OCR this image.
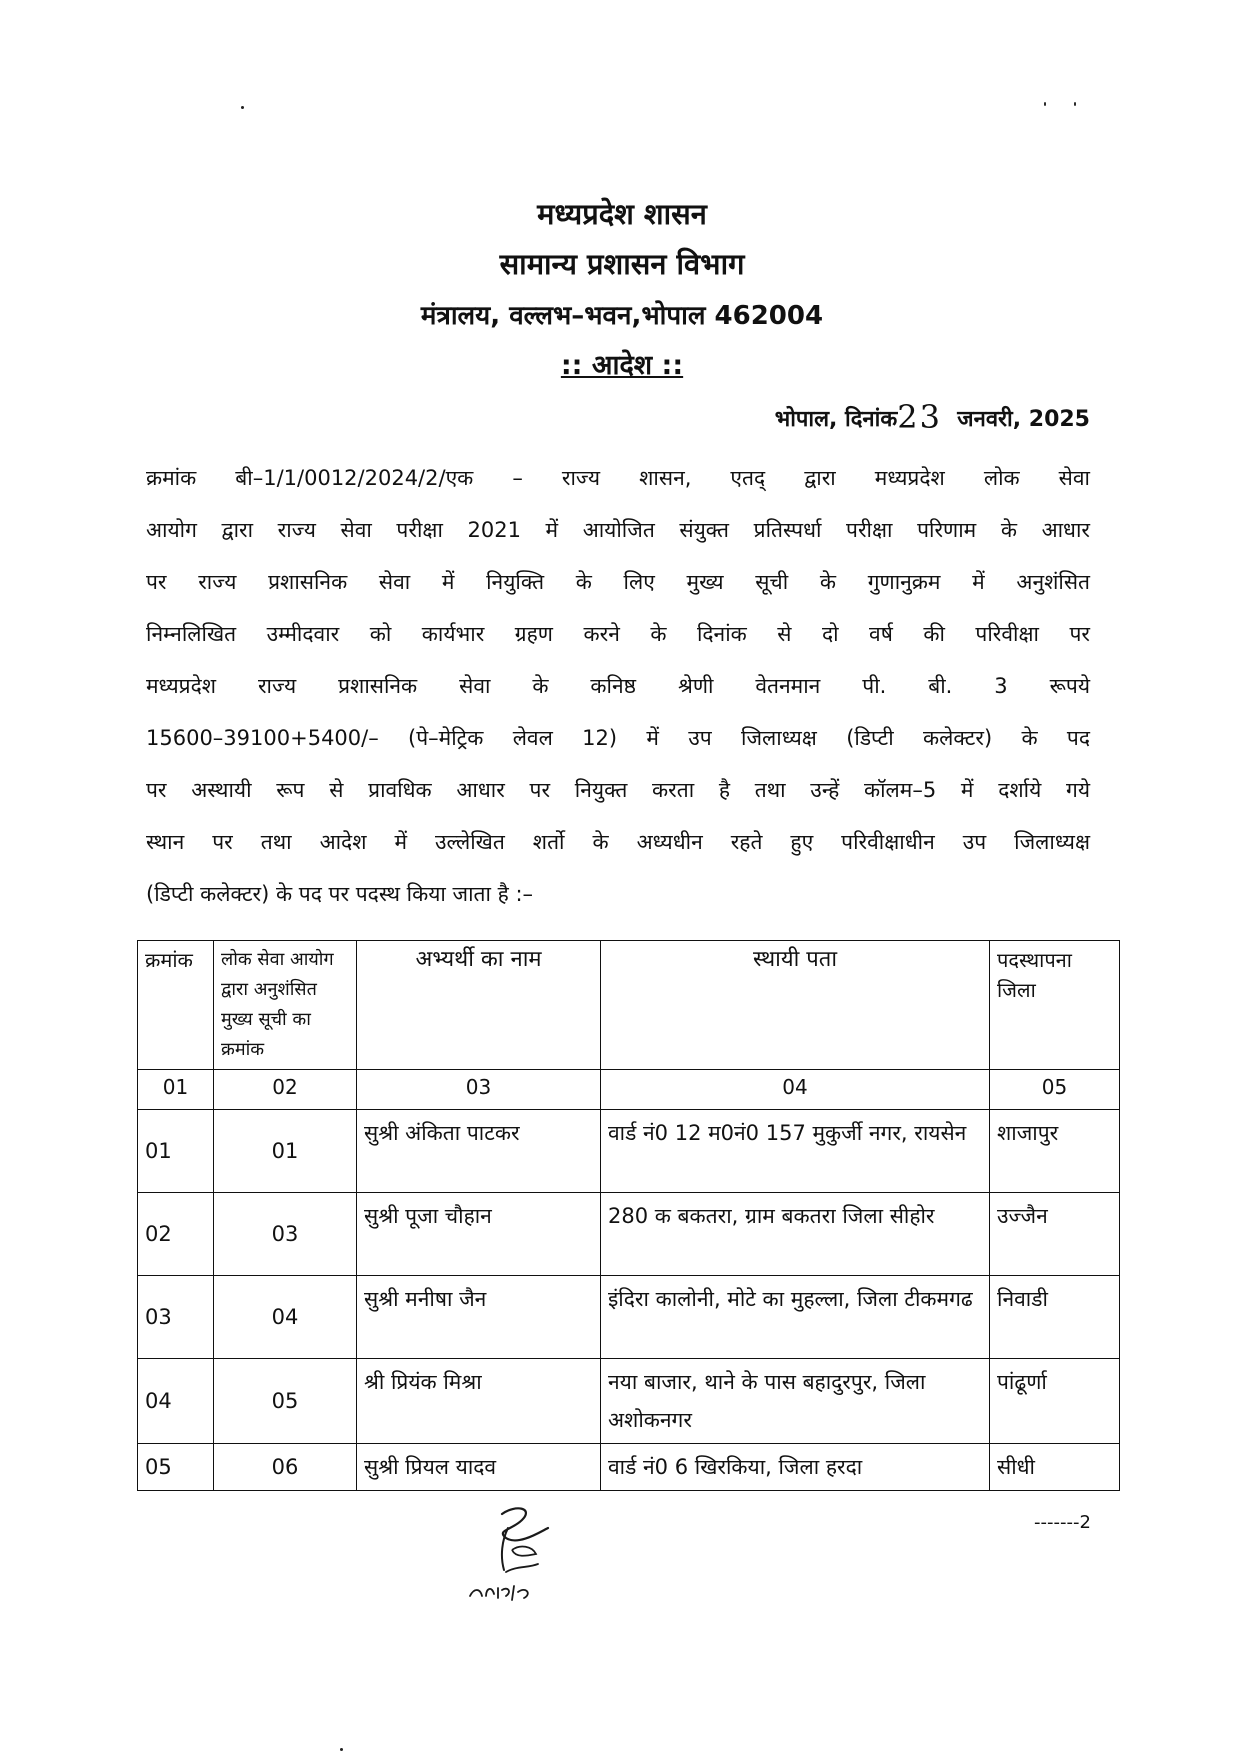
मध्यप्रदेश शासन
सामान्य प्रशासन विभाग
मंत्रालय, वल्लभ–भवन,भोपाल 462004
:: आदेश ::
भोपाल, दिनांक23 जनवरी, 2025
क्रमांक बी–1/1/0012/2024/2/एक – राज्य शासन, एतद् द्वारा मध्यप्रदेश लोक सेवा
आयोग द्वारा राज्य सेवा परीक्षा 2021 में आयोजित संयुक्त प्रतिस्पर्धा परीक्षा परिणाम के आधार
पर राज्य प्रशासनिक सेवा में नियुक्ति के लिए मुख्य सूची के गुणानुक्रम में अनुशंसित
निम्नलिखित उम्मीदवार को कार्यभार ग्रहण करने के दिनांक से दो वर्ष की परिवीक्षा पर
मध्यप्रदेश राज्य प्रशासनिक सेवा के कनिष्ठ श्रेणी वेतनमान पी. बी. 3 रूपये
15600–39100+5400/– (पे–मेट्रिक लेवल 12) में उप जिलाध्यक्ष (डिप्टी कलेक्टर) के पद
पर अस्थायी रूप से प्रावधिक आधार पर नियुक्त करता है तथा उन्हें कॉलम–5 में दर्शाये गये
स्थान पर तथा आदेश में उल्लेखित शर्तो के अध्यधीन रहते हुए परिवीक्षाधीन उप जिलाध्यक्ष
(डिप्टी कलेक्टर) के पद पर पदस्थ किया जाता है :–
क्रमांक	लोक सेवा आयोग द्वारा अनुशंसित मुख्य सूची का क्रमांक	अभ्यर्थी का नाम	स्थायी पता	पदस्थापना जिला
01	02	03	04	05
01	01	सुश्री अंकिता पाटकर	वार्ड नं0 12 म0नं0 157 मुकुर्जी नगर, रायसेन	शाजापुर
02	03	सुश्री पूजा चौहान	280 क बकतरा, ग्राम बकतरा जिला सीहोर	उज्जैन
03	04	सुश्री मनीषा जैन	इंदिरा कालोनी, मोटे का मुहल्ला, जिला टीकमगढ	निवाडी
04	05	श्री प्रियंक मिश्रा	नया बाजार, थाने के पास बहादुरपुर, जिला अशोकनगर	पांढूर्णा
05	06	सुश्री प्रियल यादव	वार्ड नं0 6 खिरकिया, जिला हरदा	सीधी
-------2
